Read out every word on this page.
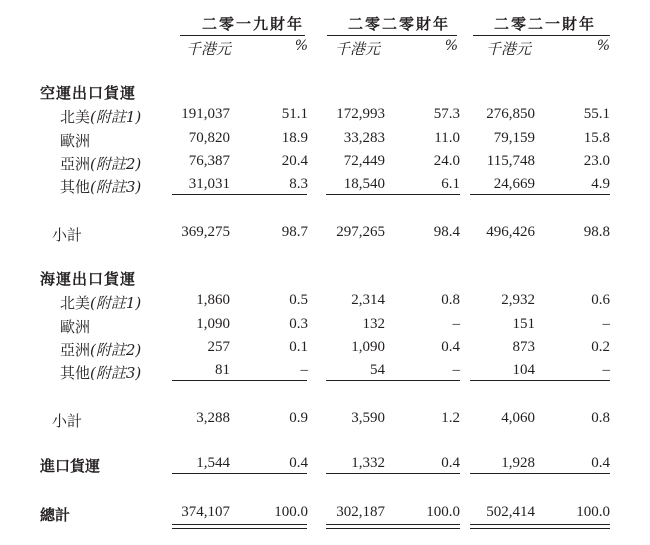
二零一九財年	二零二零財年	二零二一財年
千港元	% 千港元	% 千港元	%
空運出口貨運
北美(附註1)	191,037	51.1	172,993	57.3	276,850	55.1
歐洲	70,820	18.9	33,283	11.0	79,159	15.8
亞洲(附註2)	76,387	20.4	72,449	24.0	115,748	23.0
其他(附註3)	31,031	8.3	18,540	6.1	24,669	4.9
小計	369,275	98.7	297,265	98.4	496,426	98.8
海運出口貨運
北美(附註1)	1,860	0.5	2,314	0.8	2,932	0.6
歐洲	1,090	0.3	132	–	151	–
亞洲(附註2)	257	0.1	1,090	0.4	873	0.2
其他(附註3)	81	–	54	–	104	–
小計	3,288	0.9	3,590	1.2	4,060	0.8
進口貨運	1,544	0.4	1,332	0.4	1,928	0.4
總計	374,107	100.0	302,187	100.0	502,414	100.0
